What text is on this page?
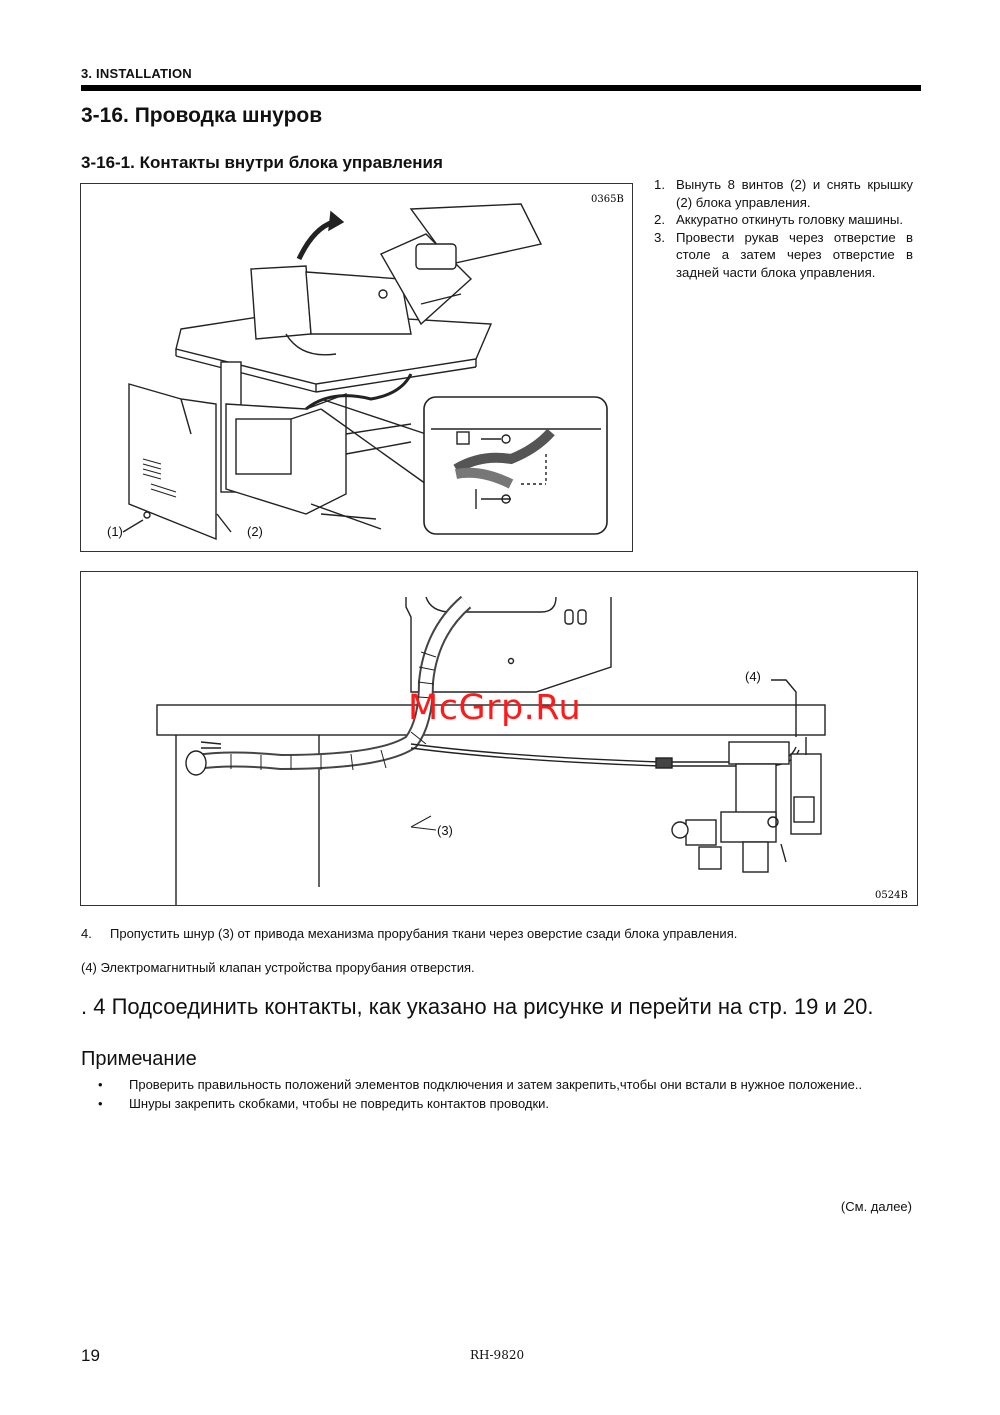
3. INSTALLATION
3-16. Проводка шнуров
3-16-1. Контакты внутри блока управления
(1)	(2)
0365B
1. Вынуть 8 винтов (2) и снять крышку (2) блока управления.
2. Аккуратно откинуть головку машины.
3. Провести рукав через отверстие в столе а затем через отверстие в задней части блока управления.
(3)
(4)
0524B
McGrp.Ru
4.	Пропустить шнур (3) от привода механизма прорубания ткани через оверстие сзади блока управления.
(4) Электромагнитный клапан устройства прорубания отверстия.
. 4 Подсоединить контакты, как указано на рисунке и перейти на стр. 19 и 20.
Примечание
•	Проверить правильность положений элементов подключения и затем закрепить,чтобы они встали в нужное положение..
•	Шнуры закрепить скобками, чтобы не повредить контактов проводки.
(См. далее)
19	RH-9820
